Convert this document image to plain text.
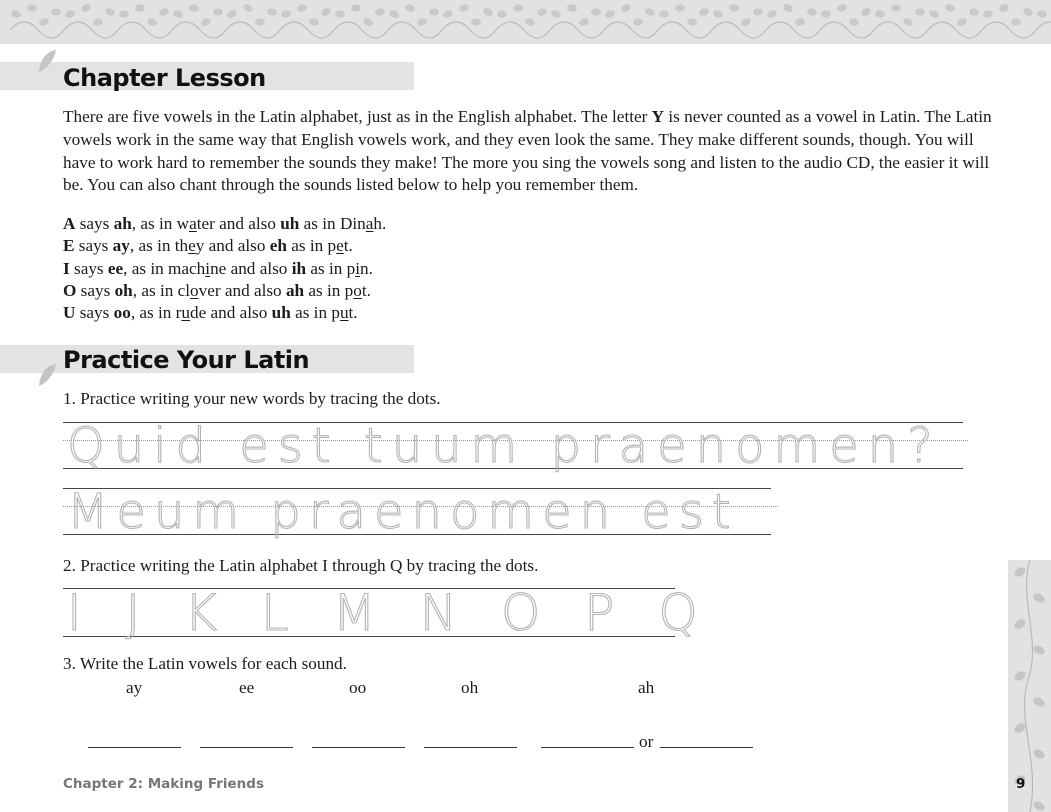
Chapter Lesson

There are five vowels in the Latin alphabet, just as in the English alphabet. The letter Y is never counted as a vowel in Latin. The Latin vowels work in the same way that English vowels work, and they even look the same. They make different sounds, though. You will have to work hard to remember the sounds they make! The more you sing the vowels song and listen to the audio CD, the easier it will be. You can also chant through the sounds listed below to help you remember them.

A says ah, as in water and also uh as in Dinah.
E says ay, as in they and also eh as in pet.
I says ee, as in machine and also ih as in pin.
O says oh, as in clover and also ah as in pot.
U says oo, as in rude and also uh as in put.
Practice Your Latin

1. Practice writing your new words by tracing the dots.

Quid est tuum praenomen?

Meum praenomen est

2. Practice writing the Latin alphabet I through Q by tracing the dots.

I J K L M N O P Q

3. Write the Latin vowels for each sound.

ay	ee	oo	oh	ah

or

Chapter 2: Making Friends	9
